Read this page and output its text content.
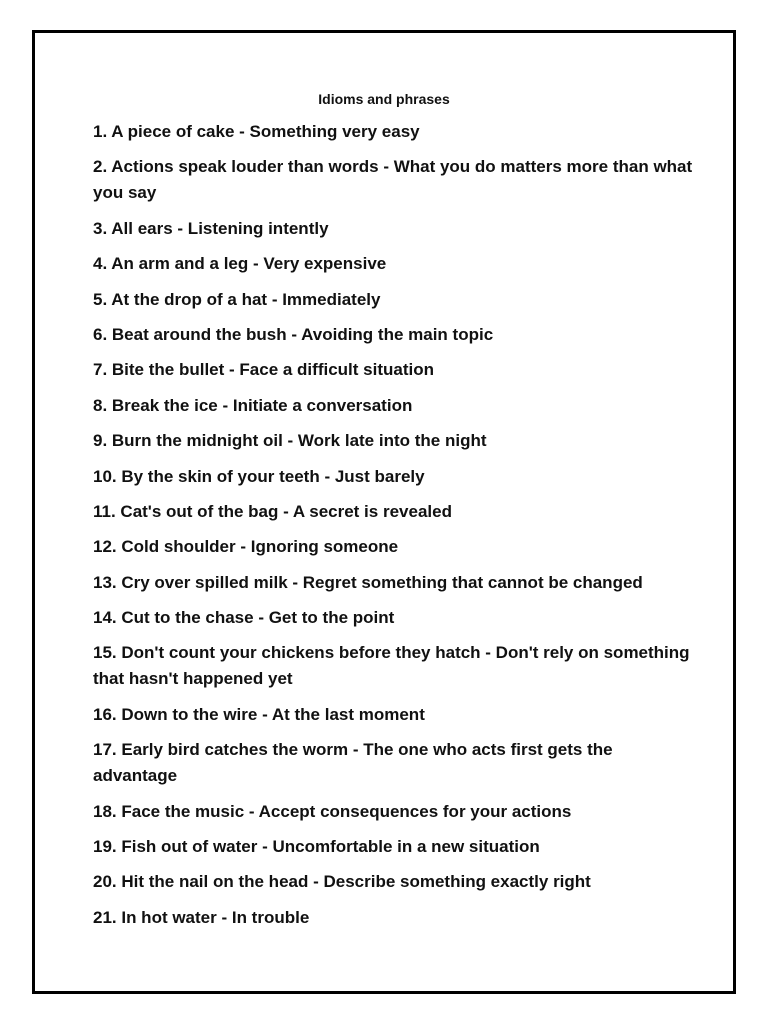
Idioms and phrases
1. A piece of cake - Something very easy
2. Actions speak louder than words - What you do matters more than what you say
3. All ears - Listening intently
4. An arm and a leg - Very expensive
5. At the drop of a hat - Immediately
6. Beat around the bush - Avoiding the main topic
7. Bite the bullet - Face a difficult situation
8. Break the ice - Initiate a conversation
9. Burn the midnight oil - Work late into the night
10. By the skin of your teeth - Just barely
11. Cat's out of the bag - A secret is revealed
12. Cold shoulder - Ignoring someone
13. Cry over spilled milk - Regret something that cannot be changed
14. Cut to the chase - Get to the point
15. Don't count your chickens before they hatch - Don't rely on something that hasn't happened yet
16. Down to the wire - At the last moment
17. Early bird catches the worm - The one who acts first gets the advantage
18. Face the music - Accept consequences for your actions
19. Fish out of water - Uncomfortable in a new situation
20. Hit the nail on the head - Describe something exactly right
21. In hot water - In trouble
